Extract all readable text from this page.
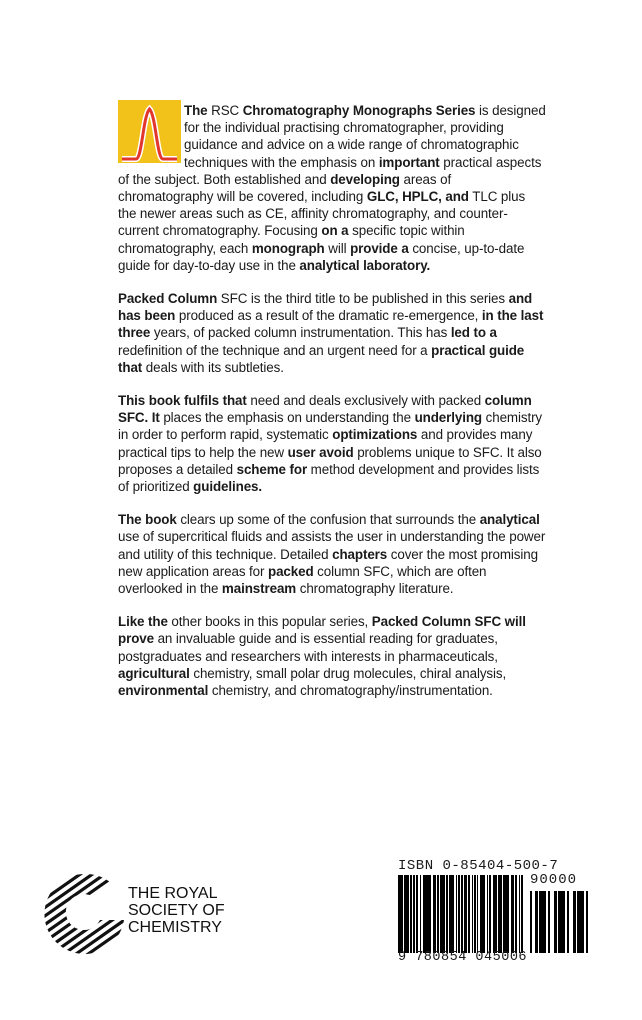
The RSC Chromatography Monographs Series is designed for the individual practising chromatographer, providing guidance and advice on a wide range of chromatographic techniques with the emphasis on important practical aspects of the subject. Both established and developing areas of chromatography will be covered, including GLC, HPLC, and TLC plus the newer areas such as CE, affinity chromatography, and counter-current chromatography. Focusing on a specific topic within chromatography, each monograph will provide a concise, up-to-date guide for day-to-day use in the analytical laboratory.

Packed Column SFC is the third title to be published in this series and has been produced as a result of the dramatic re-emergence, in the last three years, of packed column instrumentation. This has led to a redefinition of the technique and an urgent need for a practical guide that deals with its subtleties.

This book fulfils that need and deals exclusively with packed column SFC. It places the emphasis on understanding the underlying chemistry in order to perform rapid, systematic optimizations and provides many practical tips to help the new user avoid problems unique to SFC. It also proposes a detailed scheme for method development and provides lists of prioritized guidelines.

The book clears up some of the confusion that surrounds the analytical use of supercritical fluids and assists the user in understanding the power and utility of this technique. Detailed chapters cover the most promising new application areas for packed column SFC, which are often overlooked in the mainstream chromatography literature.

Like the other books in this popular series, Packed Column SFC will prove an invaluable guide and is essential reading for graduates, postgraduates and researchers with interests in pharmaceuticals, agricultural chemistry, small polar drug molecules, chiral analysis, environmental chemistry, and chromatography/instrumentation.

THE ROYAL
SOCIETY OF
CHEMISTRY
ISBN 0-85404-500-7
90000
9 780854 045006
